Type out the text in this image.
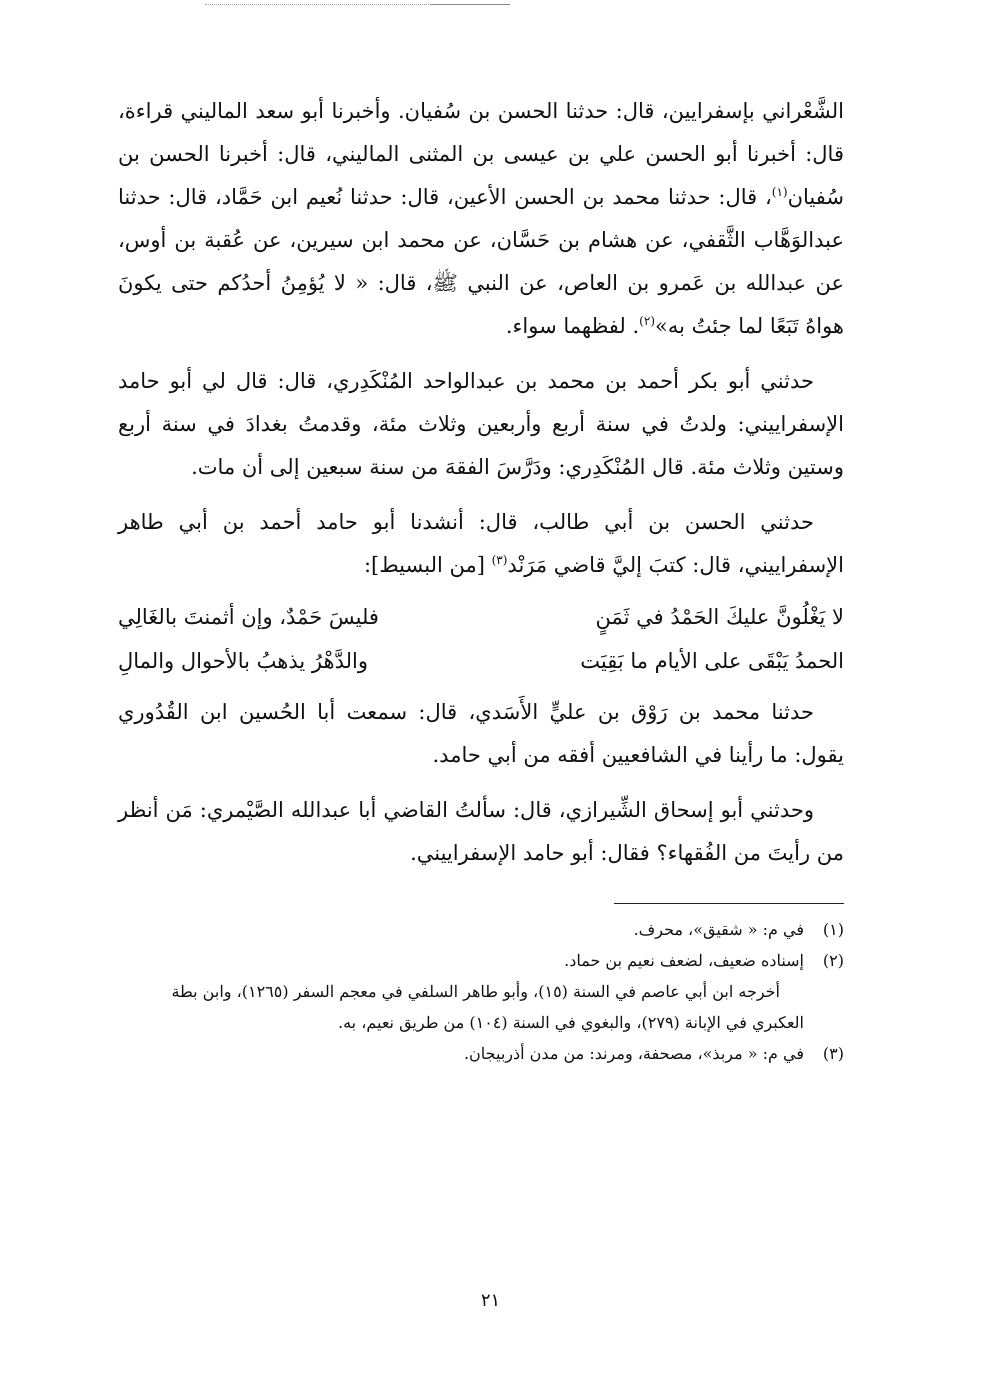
الشَّعْراني بإسفرايين، قال: حدثنا الحسن بن سُفيان. وأخبرنا أبو سعد الماليني قراءة، قال: أخبرنا أبو الحسن علي بن عيسى بن المثنى الماليني، قال: أخبرنا الحسن بن سُفيان$^{(١)}$، قال: حدثنا محمد بن الحسن الأعين، قال: حدثنا نُعيم ابن حَمَّاد، قال: حدثنا عبدالوَهَّاب الثَّقفي، عن هشام بن حَسَّان، عن محمد ابن سيرين، عن عُقبة بن أوس، عن عبدالله بن عَمرو بن العاص، عن النبي ﷺ، قال: « لا يُؤمِنُ أحدُكم حتى يكونَ هواهُ تَبَعًا لما جئتُ به»$^{(٢)}$. لفظهما سواء.

حدثني أبو بكر أحمد بن محمد بن عبدالواحد المُنْكَدِري، قال: قال لي أبو حامد الإسفراييني: ولدتُ في سنة أربع وأربعين وثلاث مئة، وقدمتُ بغدادَ في سنة أربع وستين وثلاث مئة. قال المُنْكَدِري: ودَرَّسَ الفقهَ من سنة سبعين إلى أن مات.

حدثني الحسن بن أبي طالب، قال: أنشدنا أبو حامد أحمد بن أبي طاهر الإسفراييني، قال: كتبَ إليَّ قاضي مَرَنْد$^{(٣)}$ [من البسيط]:

لا يَغْلُونَّ عليكَ الحَمْدُ في ثَمَنٍ
فليسَ حَمْدٌ، وإن أثمنتَ بالغَالِي
الحمدُ يَبْقَى على الأيام ما بَقِيَت
والدَّهْرُ يذهبُ بالأحوال والمالِ

حدثنا محمد بن رَوْق بن عليٍّ الأَسَدي، قال: سمعت أبا الحُسين ابن القُدُوري يقول: ما رأينا في الشافعيين أفقه من أبي حامد.

وحدثني أبو إسحاق الشِّيرازي، قال: سألتُ القاضي أبا عبدالله الصَّيْمري: مَن أنظر من رأيتَ من الفُقهاء؟ فقال: أبو حامد الإسفراييني.

(١)
في م: « شقيق»، محرف.
(٢)
إسناده ضعيف، لضعف نعيم بن حماد.
أخرجه ابن أبي عاصم في السنة (١٥)، وأبو طاهر السلفي في معجم السفر (١٢٦٥)، وابن بطة العكبري في الإبانة (٢٧٩)، والبغوي في السنة (١٠٤) من طريق نعيم، به.
(٣)
في م: « مربذ»، مصحفة، ومرند: من مدن أذربيجان.
٢١
